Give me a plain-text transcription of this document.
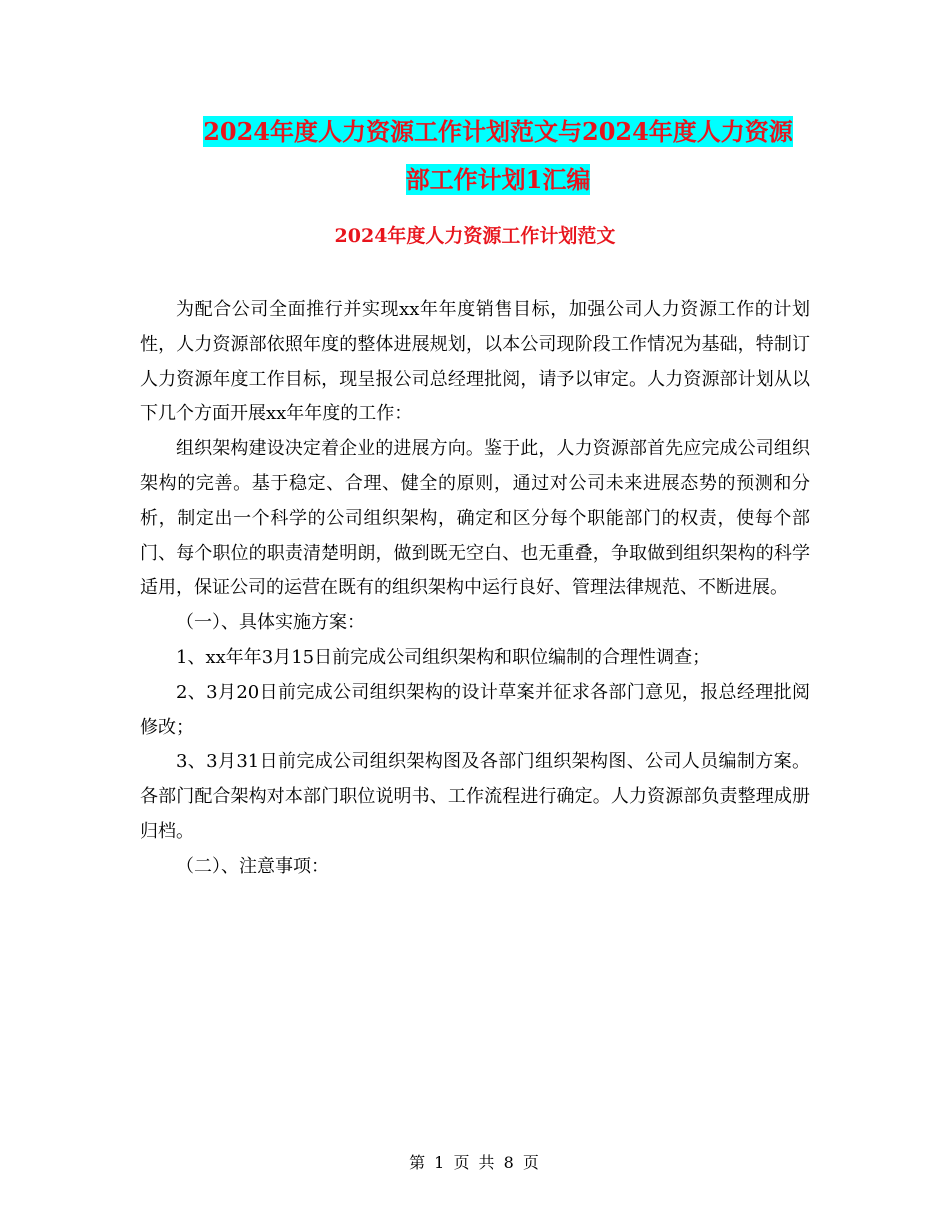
2024年度人力资源工作计划范文与2024年度人力资源
部工作计划1汇编
2024年度人力资源工作计划范文

为配合公司全面推行并实现xx年年度销售目标，加强公司人力资源工作的计划性，人力资源部依照年度的整体进展规划，以本公司现阶段工作情况为基础，特制订人力资源年度工作目标，现呈报公司总经理批阅，请予以审定。人力资源部计划从以下几个方面开展xx年年度的工作：

组织架构建设决定着企业的进展方向。鉴于此，人力资源部首先应完成公司组织架构的完善。基于稳定、合理、健全的原则，通过对公司未来进展态势的预测和分析，制定出一个科学的公司组织架构，确定和区分每个职能部门的权责，使每个部门、每个职位的职责清楚明朗，做到既无空白、也无重叠，争取做到组织架构的科学适用，保证公司的运营在既有的组织架构中运行良好、管理法律规范、不断进展。

（一）、具体实施方案：

1、xx年年3月15日前完成公司组织架构和职位编制的合理性调查；

2、3月20日前完成公司组织架构的设计草案并征求各部门意见，报总经理批阅修改；

3、3月31日前完成公司组织架构图及各部门组织架构图、公司人员编制方案。各部门配合架构对本部门职位说明书、工作流程进行确定。人力资源部负责整理成册归档。

（二）、注意事项：

第 1 页 共 8 页
